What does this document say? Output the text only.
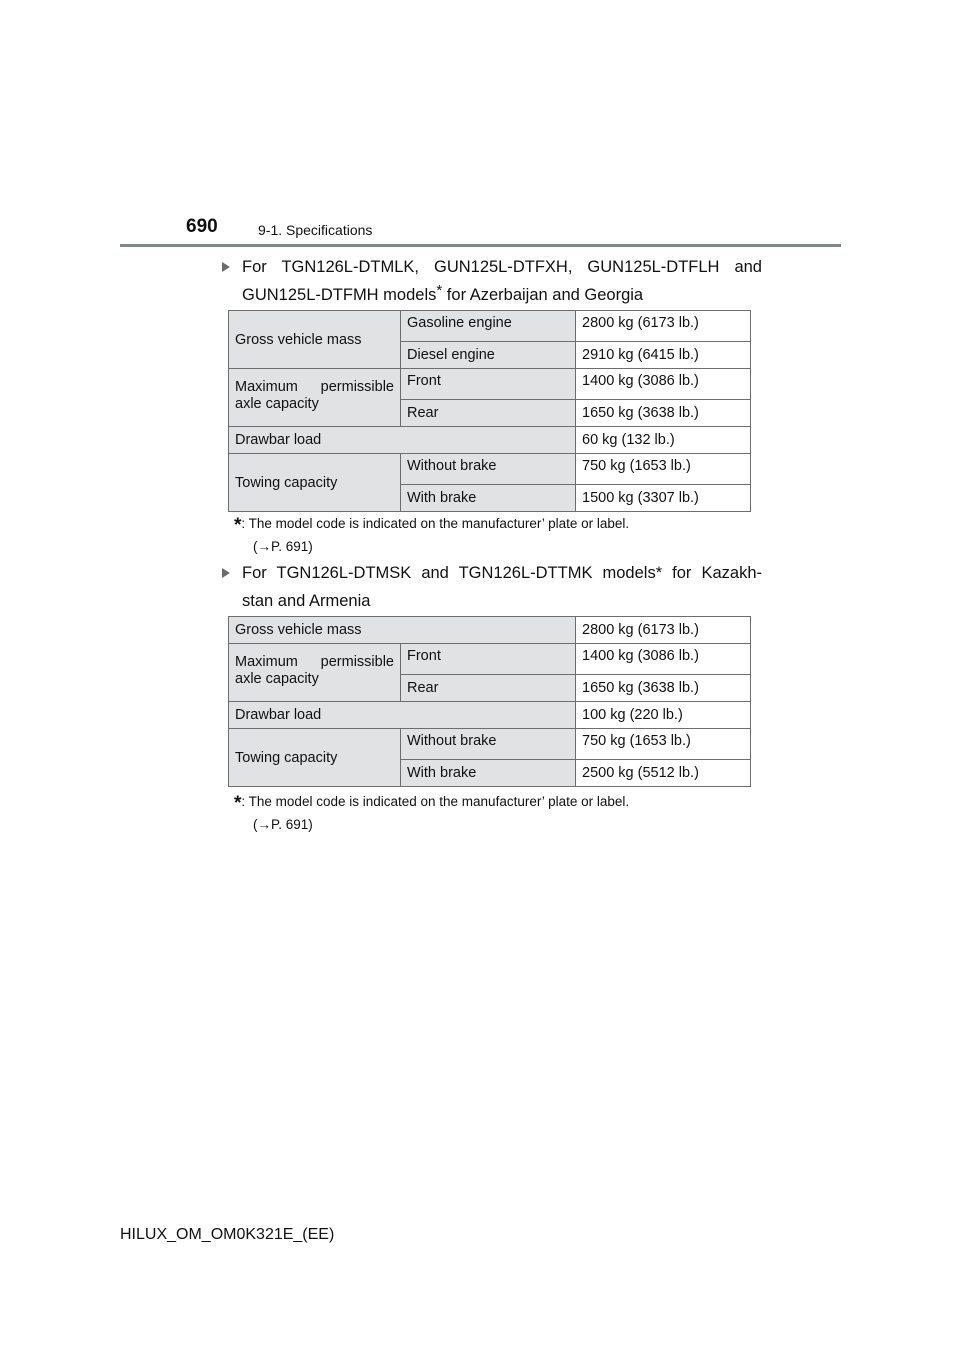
690	9-1. Specifications
For TGN126L-DTMLK, GUN125L-DTFXH, GUN125L-DTFLH and
GUN125L-DTFMH models* for Azerbaijan and Georgia
Gross vehicle mass	Gasoline engine	2800 kg (6173 lb.)
	Diesel engine	2910 kg (6415 lb.)

Maximum permissible
axle capacity	Front	1400 kg (3086 lb.)
	Rear	1650 kg (3638 lb.)
Drawbar load		60 kg (132 lb.)
Towing capacity	Without brake	750 kg (1653 lb.)
	With brake	1500 kg (3307 lb.)
*: The model code is indicated on the manufacturer’ plate or label.
(→P. 691)
For TGN126L-DTMSK and TGN126L-DTTMK models* for Kazakh-
stan and Armenia
Gross vehicle mass		2800 kg (6173 lb.)

Maximum permissible
axle capacity	Front	1400 kg (3086 lb.)
	Rear	1650 kg (3638 lb.)
Drawbar load		100 kg (220 lb.)
Towing capacity	Without brake	750 kg (1653 lb.)
	With brake	2500 kg (5512 lb.)
*: The model code is indicated on the manufacturer’ plate or label.
(→P. 691)
HILUX_OM_OM0K321E_(EE)
